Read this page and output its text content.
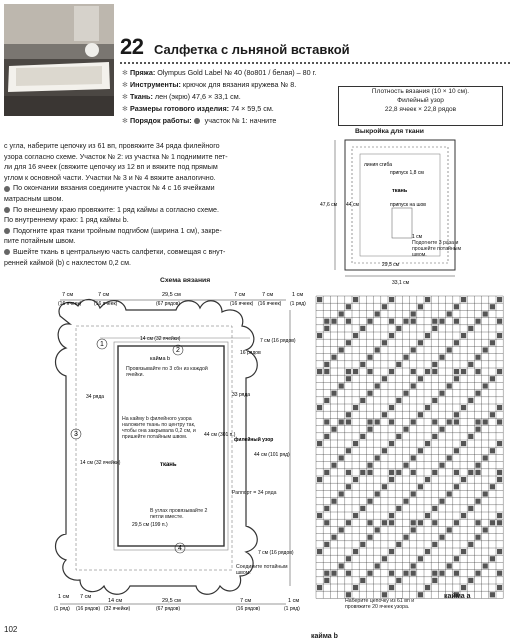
22 Салфетка с льняной вставкой
✻ Пряжа: Olympus Gold Label № 40 (8о801 / белая) – 80 г.
✻ Инструменты: крючок для вязания кружева № 8.
✻ Ткань: лен (экрю) 47,6 × 33,1 см.
✻ Размеры готового изделия: 74 × 59,5 см.
✻ Порядок работы:  участок № 1: начните
с угла, наберите цепочку из 61 вп, провяжите 34 ряда филейного
узора согласно схеме. Участок № 2: из участка № 1 поднимите пет-
ли для 16 ячеек (свяжите цепочку из 12 вп и вяжите под прямым
углом к основной части. Участки № 3 и № 4 вяжите аналогично.
По окончании вязания соедините участок № 4 с 16 ячейками
матрасным швом.
По внешнему краю провяжите: 1 ряд каймы a согласно схеме.
По внутреннему краю: 1 ряд каймы b.
Подогните края ткани тройным подгибом (ширина 1 см), закре-
пите потайным швом.
Вшейте ткань в центральную часть салфетки, совмещая с внут-
ренней каймой (b) с нахлестом 0,2 см.
Плотность вязания (10 × 10 см).
Филейный узор
22,8 ячеек × 22,8 рядов
Выкройка для ткани
припуск 1,8 см
линия сгиба
ткань
припуск на шов
47,6 см 44 см
29,5 см
33,1 см
1 см
Подогните 3 раза и прошейте потайным швом.
Схема вязания
7 см	7 см	29,5 см	7 см	7 см	1 см
(16 ячеек)	(16 ячеек)	(67 рядов)	(16 ячеек) (16 ячеек) (1 ряд)
1
2
3
4
14 см (32 ячейки)	7 см (16 рядов)
44 см (101 ряд)
14 см (32 ячейки)
7 см (16 рядов)
кайма b
ткань
филейный узор
44 см (301 п.)
29,5 см (199 п.)
34 ряда	33 ряда
16 рядов
Провязывайте по 3 сбн из каждой ячейки.
На кайму b филейного узора наложите ткань по центру так, чтобы она закрывала 0,2 см, и пришейте потайным швом.
В углах провязывайте 2 петли вместе.
Раппорт = 34 ряда
Соедините потайным швом.
1 см 7 см
14 см	29,5 см	7 см	1 см
(1 ряд) (16 рядов) (32 ячейки)	(67 рядов)	(16 рядов)	(1 ряд)
Наберите цепочку из 61 вп и провяжите 20 ячеек узора.
кайма b
кайма a
102
